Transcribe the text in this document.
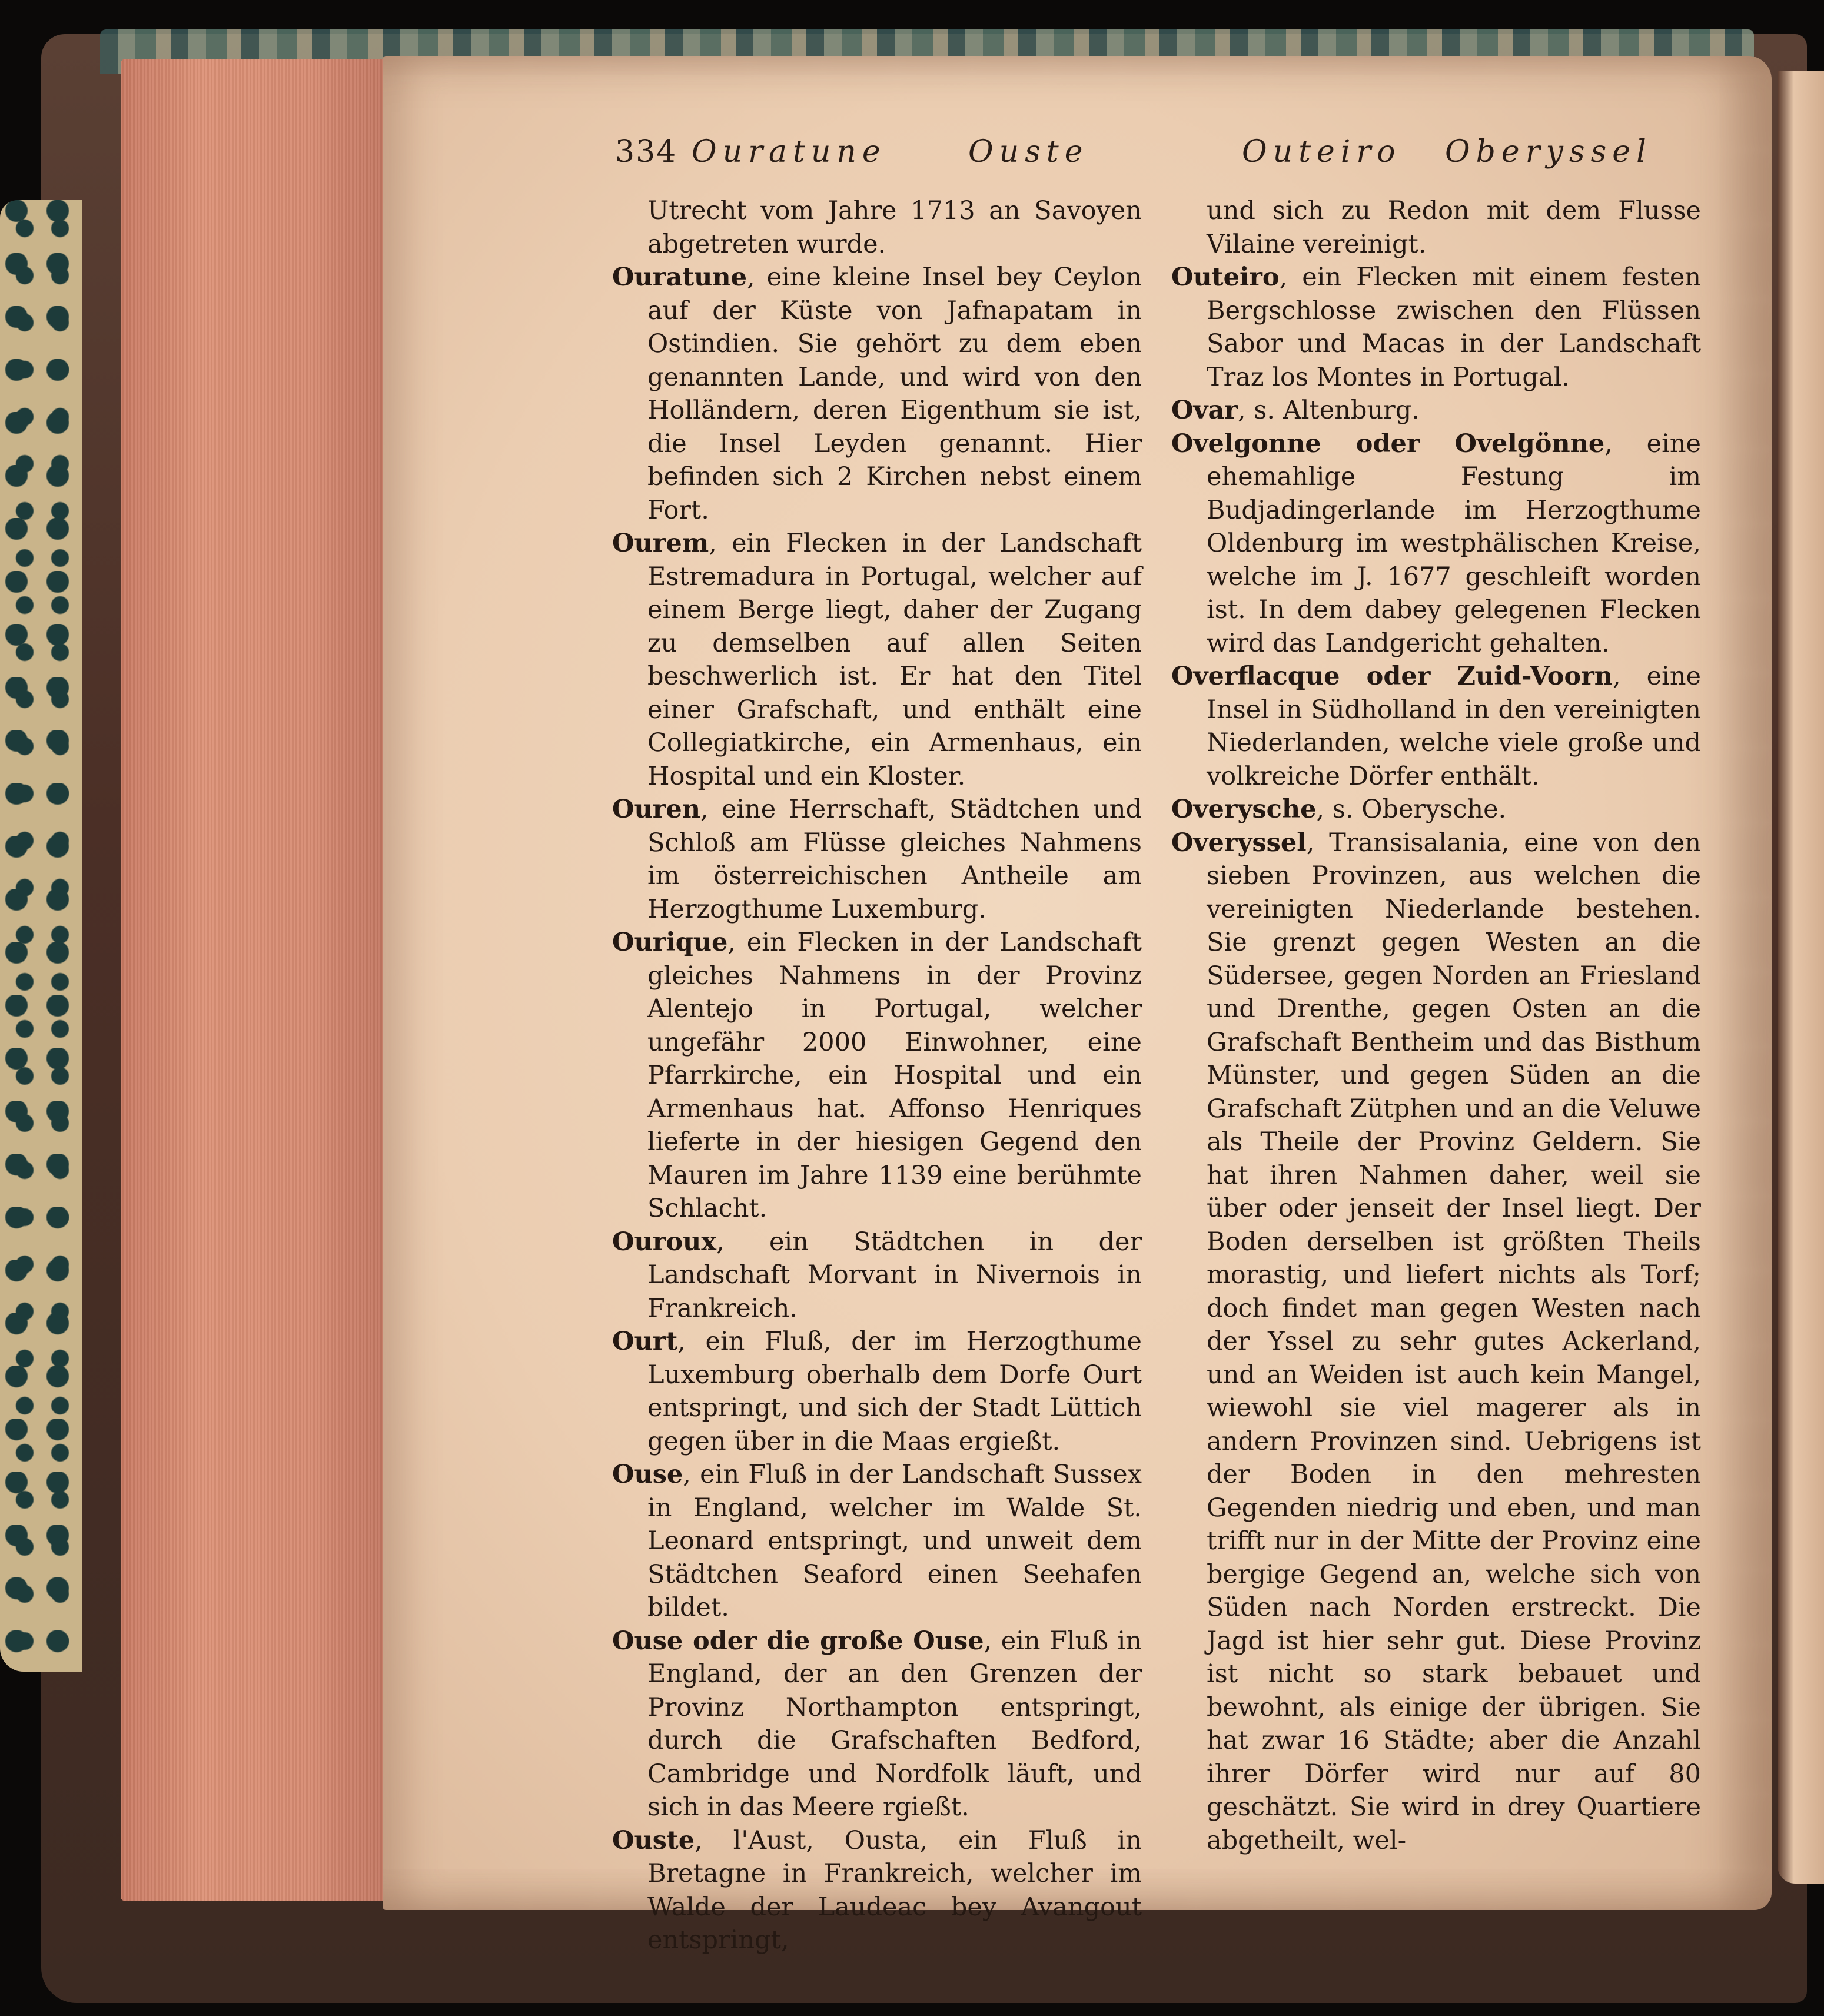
334 Ouratune	Ouste	Outeiro Oberyssel

Utrecht vom Jahre 1713 an Savoyen abgetreten wurde.

Ouratune, eine kleine Insel bey Ceylon auf der Küste von Jafnapatam in Ostindien. Sie gehört zu dem eben genannten Lande, und wird von den Holländern, deren Eigenthum sie ist, die Insel Leyden genannt. Hier befinden sich 2 Kirchen nebst einem Fort.

Ourem, ein Flecken in der Landschaft Estremadura in Portugal, welcher auf einem Berge liegt, daher der Zugang zu demselben auf allen Seiten beschwerlich ist. Er hat den Titel einer Grafschaft, und enthält eine Collegiatkirche, ein Armenhaus, ein Hospital und ein Kloster.

Ouren, eine Herrschaft, Städtchen und Schloß am Flüsse gleiches Nahmens im österreichischen Antheile am Herzogthume Luxemburg.

Ourique, ein Flecken in der Landschaft gleiches Nahmens in der Provinz Alentejo in Portugal, welcher ungefähr 2000 Einwohner, eine Pfarrkirche, ein Hospital und ein Armenhaus hat. Affonso Henriques lieferte in der hiesigen Gegend den Mauren im Jahre 1139 eine berühmte Schlacht.

Ouroux, ein Städtchen in der Landschaft Morvant in Nivernois in Frankreich.

Ourt, ein Fluß, der im Herzogthume Luxemburg oberhalb dem Dorfe Ourt entspringt, und sich der Stadt Lüttich gegen über in die Maas ergießt.

Ouse, ein Fluß in der Landschaft Sussex in England, welcher im Walde St. Leonard entspringt, und unweit dem Städtchen Seaford einen Seehafen bildet.

Ouse oder die große Ouse, ein Fluß in England, der an den Grenzen der Provinz Northampton entspringt, durch die Grafschaften Bedford, Cambridge und Nordfolk läuft, und sich in das Meere rgießt.

Ouste, l'Aust, Ousta, ein Fluß in Bretagne in Frankreich, welcher im Walde der Laudeac bey Avangout entspringt,

und sich zu Redon mit dem Flusse Vilaine vereinigt.

Outeiro, ein Flecken mit einem festen Bergschlosse zwischen den Flüssen Sabor und Macas in der Landschaft Traz los Montes in Portugal.

Ovar, s. Altenburg.

Ovelgonne oder Ovelgönne, eine ehemahlige Festung im Budjadingerlande im Herzogthume Oldenburg im westphälischen Kreise, welche im J. 1677 geschleift worden ist. In dem dabey gelegenen Flecken wird das Landgericht gehalten.

Overflacque oder Zuid-Voorn, eine Insel in Südholland in den vereinigten Niederlanden, welche viele große und volkreiche Dörfer enthält.

Overysche, s. Oberysche.

Overyssel, Transisalania, eine von den sieben Provinzen, aus welchen die vereinigten Niederlande bestehen. Sie grenzt gegen Westen an die Südersee, gegen Norden an Friesland und Drenthe, gegen Osten an die Grafschaft Bentheim und das Bisthum Münster, und gegen Süden an die Grafschaft Zütphen und an die Veluwe als Theile der Provinz Geldern. Sie hat ihren Nahmen daher, weil sie über oder jenseit der Insel liegt. Der Boden derselben ist größten Theils morastig, und liefert nichts als Torf; doch findet man gegen Westen nach der Yssel zu sehr gutes Ackerland, und an Weiden ist auch kein Mangel, wiewohl sie viel magerer als in andern Provinzen sind. Uebrigens ist der Boden in den mehresten Gegenden niedrig und eben, und man trifft nur in der Mitte der Provinz eine bergige Gegend an, welche sich von Süden nach Norden erstreckt. Die Jagd ist hier sehr gut. Diese Provinz ist nicht so stark bebauet und bewohnt, als einige der übrigen. Sie hat zwar 16 Städte; aber die Anzahl ihrer Dörfer wird nur auf 80 geschätzt. Sie wird in drey Quartiere abgetheilt, wel-
